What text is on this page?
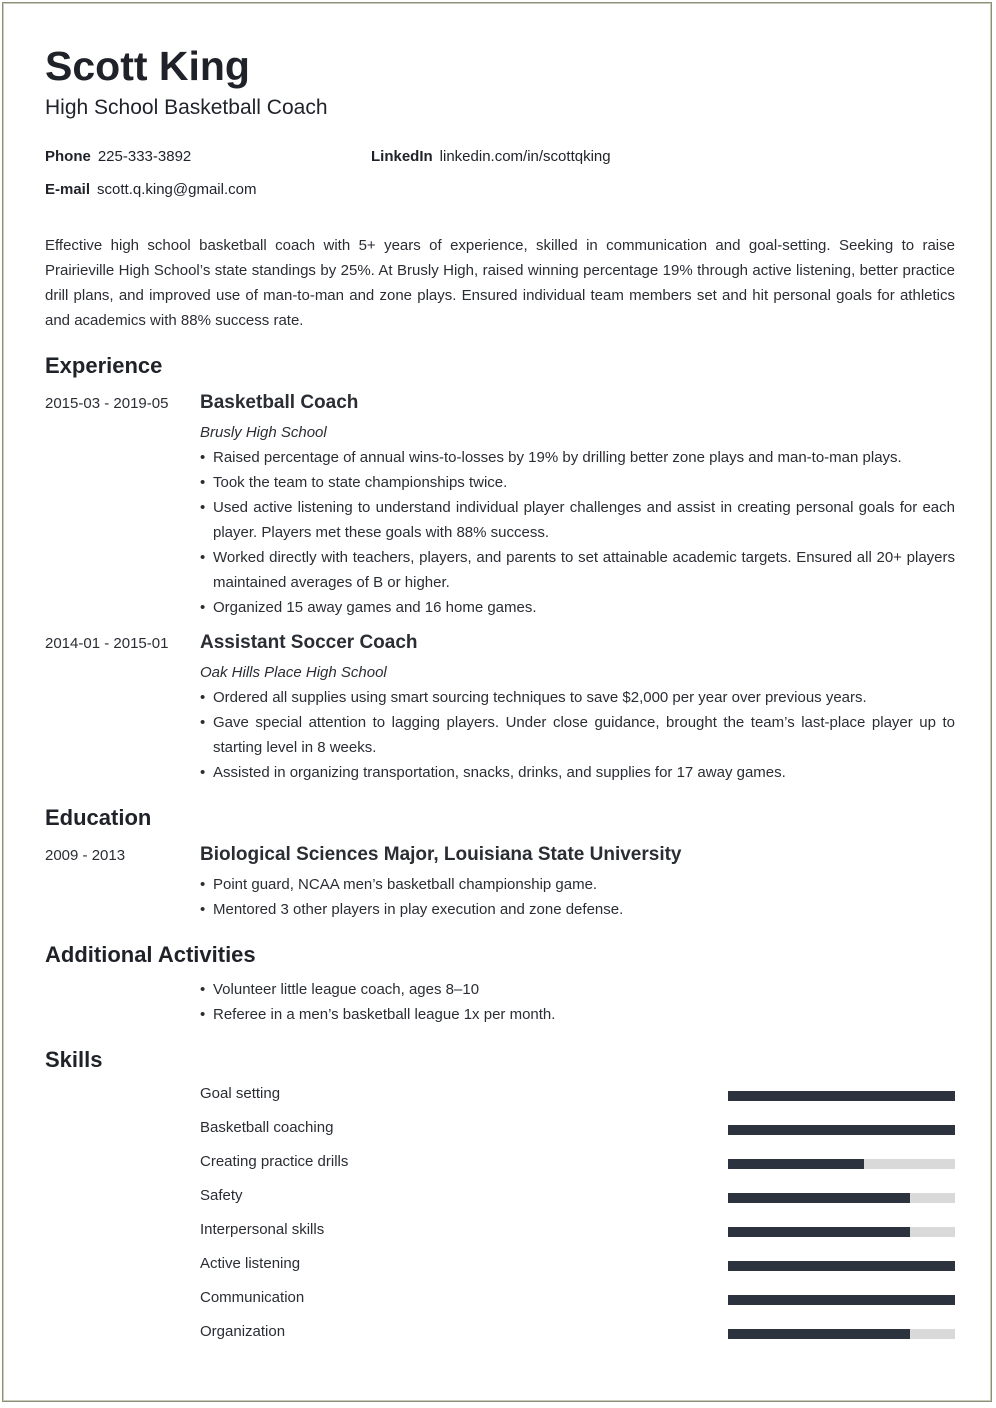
Scott King
High School Basketball Coach
Phone 225-333-3892	LinkedIn linkedin.com/in/scottqking
E-mail scott.q.king@gmail.com
Effective high school basketball coach with 5+ years of experience, skilled in communication and goal-setting. Seeking to raise Prairieville High School’s state standings by 25%. At Brusly High, raised winning percentage 19% through active listening, better practice drill plans, and improved use of man-to-man and zone plays. Ensured individual team members set and hit personal goals for athletics and academics with 88% success rate.
Experience
2015-03 - 2019-05 Basketball Coach
Brusly High School
• Raised percentage of annual wins-to-losses by 19% by drilling better zone plays and man-to-man plays.
• Took the team to state championships twice.
• Used active listening to understand individual player challenges and assist in creating personal goals for each player. Players met these goals with 88% success.
• Worked directly with teachers, players, and parents to set attainable academic targets. Ensured all 20+ players maintained averages of B or higher.
• Organized 15 away games and 16 home games.
2014-01 - 2015-01 Assistant Soccer Coach
Oak Hills Place High School
• Ordered all supplies using smart sourcing techniques to save $2,000 per year over previous years.
• Gave special attention to lagging players. Under close guidance, brought the team’s last-place player up to starting level in 8 weeks.
• Assisted in organizing transportation, snacks, drinks, and supplies for 17 away games.
Education
2009 - 2013	Biological Sciences Major, Louisiana State University
• Point guard, NCAA men’s basketball championship game.
• Mentored 3 other players in play execution and zone defense.
Additional Activities
• Volunteer little league coach, ages 8–10
• Referee in a men’s basketball league 1x per month.
Skills
Goal setting
Basketball coaching
Creating practice drills
Safety
Interpersonal skills
Active listening
Communication
Organization
